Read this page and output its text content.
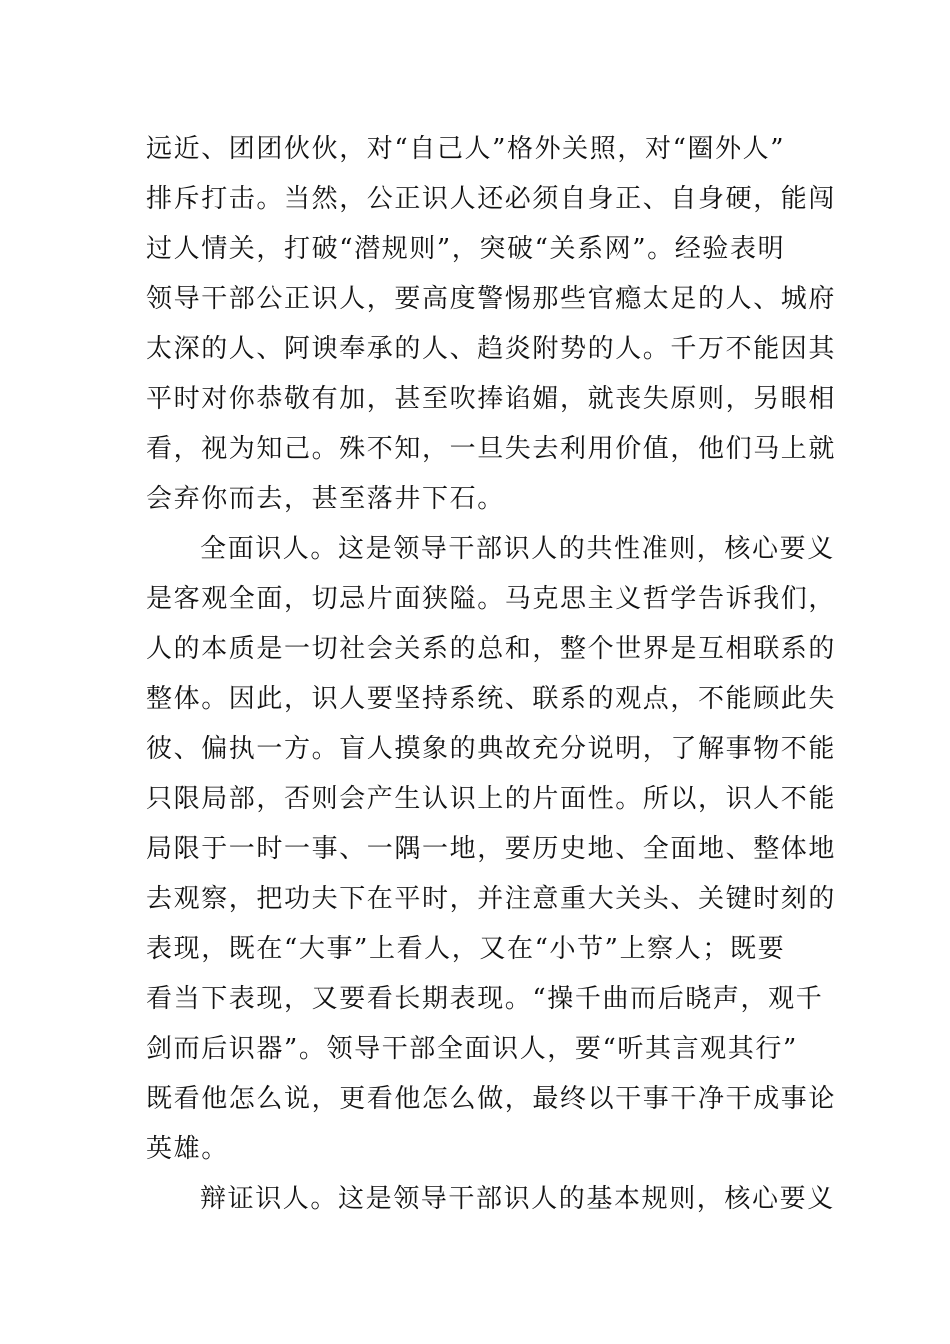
远近、团团伙伙，对“自己人”格外关照，对“圈外人”
排斥打击。当然，公正识人还必须自身正、自身硬，能闯
过人情关，打破“潜规则”，突破“关系网”。经验表明
领导干部公正识人，要高度警惕那些官瘾太足的人、城府
太深的人、阿谀奉承的人、趋炎附势的人。千万不能因其
平时对你恭敬有加，甚至吹捧谄媚，就丧失原则，另眼相
看，视为知己。殊不知，一旦失去利用价值，他们马上就
会弃你而去，甚至落井下石。
全面识人。这是领导干部识人的共性准则，核心要义
是客观全面，切忌片面狭隘。马克思主义哲学告诉我们，
人的本质是一切社会关系的总和，整个世界是互相联系的
整体。因此，识人要坚持系统、联系的观点，不能顾此失
彼、偏执一方。盲人摸象的典故充分说明，了解事物不能
只限局部，否则会产生认识上的片面性。所以，识人不能
局限于一时一事、一隅一地，要历史地、全面地、整体地
去观察，把功夫下在平时，并注意重大关头、关键时刻的
表现，既在“大事”上看人，又在“小节”上察人；既要
看当下表现，又要看长期表现。“操千曲而后晓声，观千
剑而后识器”。领导干部全面识人，要“听其言观其行”
既看他怎么说，更看他怎么做，最终以干事干净干成事论
英雄。
辩证识人。这是领导干部识人的基本规则，核心要义
